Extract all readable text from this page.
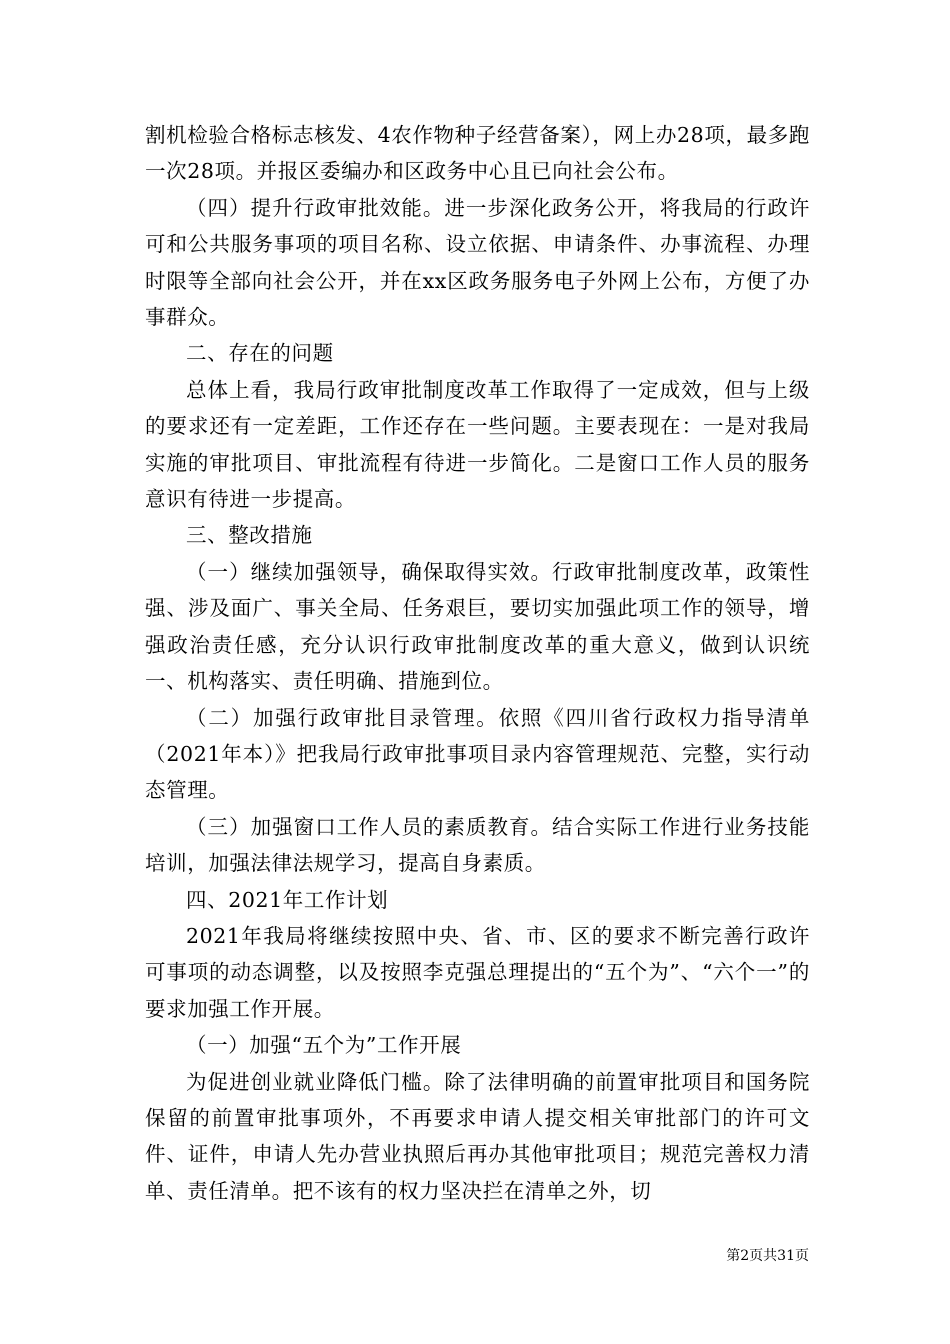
割机检验合格标志核发、4农作物种子经营备案），网上办28项，最多跑一次28项。并报区委编办和区政务中心且已向社会公布。

（四）提升行政审批效能。进一步深化政务公开，将我局的行政许可和公共服务事项的项目名称、设立依据、申请条件、办事流程、办理时限等全部向社会公开，并在xx区政务服务电子外网上公布，方便了办事群众。

二、存在的问题

总体上看，我局行政审批制度改革工作取得了一定成效，但与上级的要求还有一定差距，工作还存在一些问题。主要表现在：一是对我局实施的审批项目、审批流程有待进一步简化。二是窗口工作人员的服务意识有待进一步提高。

三、整改措施

（一）继续加强领导，确保取得实效。行政审批制度改革，政策性强、涉及面广、事关全局、任务艰巨，要切实加强此项工作的领导，增强政治责任感，充分认识行政审批制度改革的重大意义，做到认识统一、机构落实、责任明确、措施到位。

（二）加强行政审批目录管理。依照《四川省行政权力指导清单（2021年本）》把我局行政审批事项目录内容管理规范、完整，实行动态管理。

（三）加强窗口工作人员的素质教育。结合实际工作进行业务技能培训，加强法律法规学习，提高自身素质。

四、2021年工作计划

2021年我局将继续按照中央、省、市、区的要求不断完善行政许可事项的动态调整，以及按照李克强总理提出的“五个为”、“六个一”的要求加强工作开展。

（一）加强“五个为”工作开展

为促进创业就业降低门槛。除了法律明确的前置审批项目和国务院保留的前置审批事项外，不再要求申请人提交相关审批部门的许可文件、证件，申请人先办营业执照后再办其他审批项目；规范完善权力清单、责任清单。把不该有的权力坚决拦在清单之外，切

第2页共31页
